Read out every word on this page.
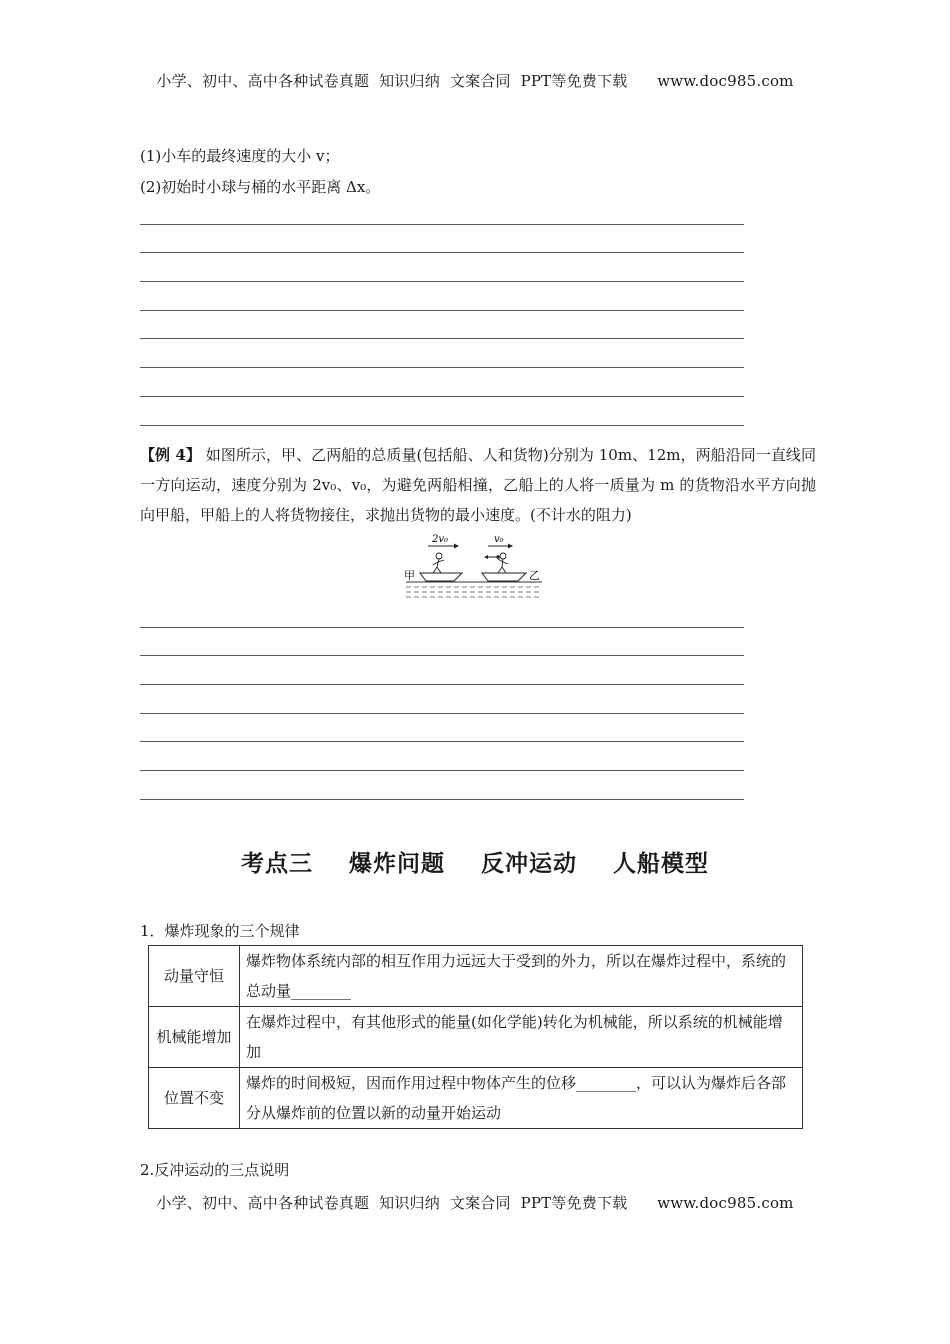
小学、初中、高中各种试卷真题  知识归纳  文案合同  PPT等免费下载      www.doc985.com
(1)小车的最终速度的大小 v；
(2)初始时小球与桶的水平距离 Δx。
【例 4】 如图所示，甲、乙两船的总质量(包括船、人和货物)分别为 10m、12m，两船沿同一直线同一方向运动，速度分别为 2v₀、v₀，为避免两船相撞，乙船上的人将一质量为 m 的货物沿水平方向抛向甲船，甲船上的人将货物接住，求抛出货物的最小速度。(不计水的阻力)
2v₀	v₀
甲	乙
考点三    爆炸问题    反冲运动    人船模型
1．爆炸现象的三个规律
动量守恒	爆炸物体系统内部的相互作用力远远大于受到的外力，所以在爆炸过程中，系统的总动量________
机械能增加	在爆炸过程中，有其他形式的能量(如化学能)转化为机械能，所以系统的机械能增加
位置不变	爆炸的时间极短，因而作用过程中物体产生的位移________，可以认为爆炸后各部分从爆炸前的位置以新的动量开始运动
2.反冲运动的三点说明
小学、初中、高中各种试卷真题  知识归纳  文案合同  PPT等免费下载      www.doc985.com
